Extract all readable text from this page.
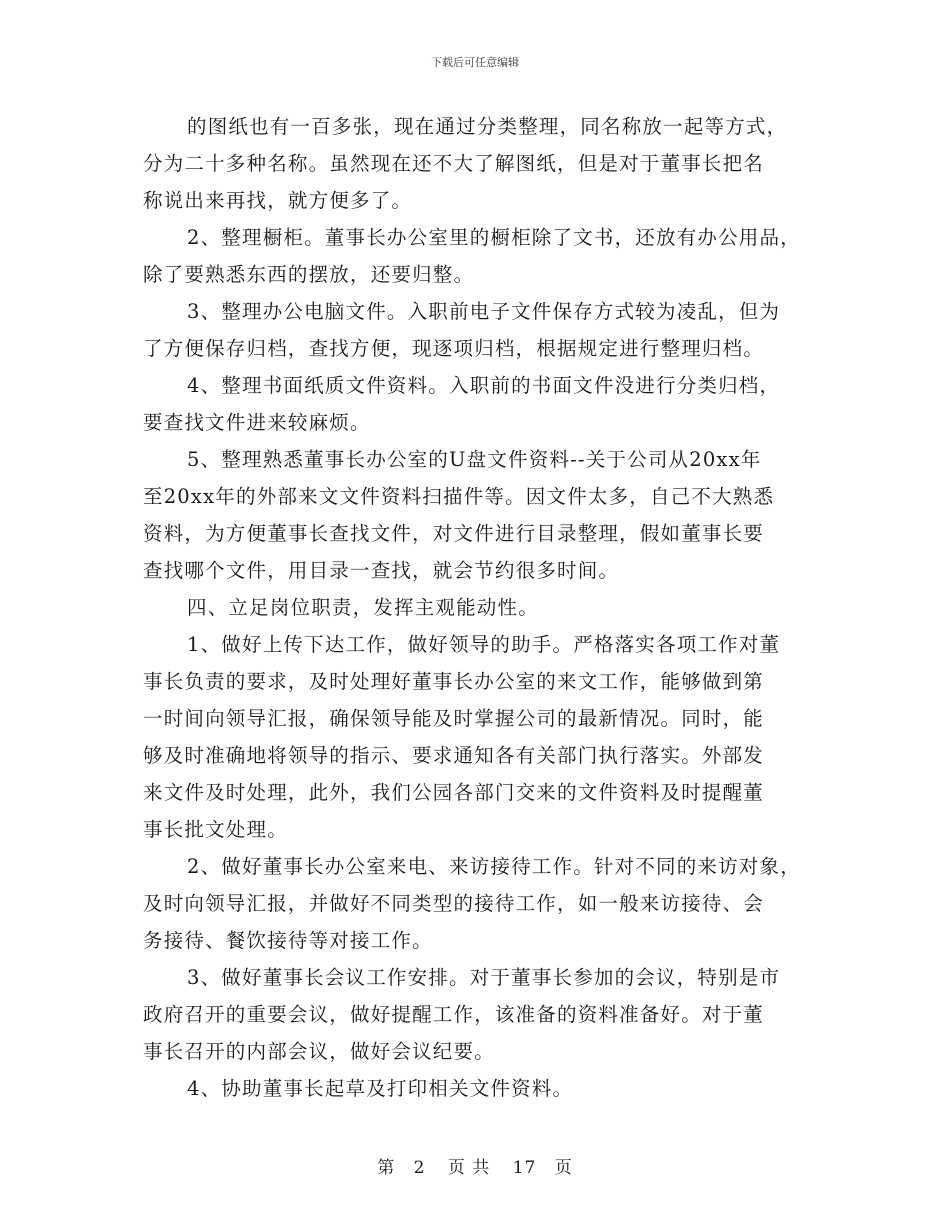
下载后可任意编辑
的图纸也有一百多张，现在通过分类整理，同名称放一起等方式，
分为二十多种名称。虽然现在还不大了解图纸，但是对于董事长把名
称说出来再找，就方便多了。
2、整理橱柜。董事长办公室里的橱柜除了文书，还放有办公用品，
除了要熟悉东西的摆放，还要归整。
3、整理办公电脑文件。入职前电子文件保存方式较为凌乱，但为
了方便保存归档，查找方便，现逐项归档，根据规定进行整理归档。
4、整理书面纸质文件资料。入职前的书面文件没进行分类归档，
要查找文件进来较麻烦。
5、整理熟悉董事长办公室的U盘文件资料--关于公司从20xx年
至20xx年的外部来文文件资料扫描件等。因文件太多，自己不大熟悉
资料，为方便董事长查找文件，对文件进行目录整理，假如董事长要
查找哪个文件，用目录一查找，就会节约很多时间。
四、立足岗位职责，发挥主观能动性。
1、做好上传下达工作，做好领导的助手。严格落实各项工作对董
事长负责的要求，及时处理好董事长办公室的来文工作，能够做到第
一时间向领导汇报，确保领导能及时掌握公司的最新情况。同时，能
够及时准确地将领导的指示、要求通知各有关部门执行落实。外部发
来文件及时处理，此外，我们公园各部门交来的文件资料及时提醒董
事长批文处理。
2、做好董事长办公室来电、来访接待工作。针对不同的来访对象，
及时向领导汇报，并做好不同类型的接待工作，如一般来访接待、会
务接待、餐饮接待等对接工作。
3、做好董事长会议工作安排。对于董事长参加的会议，特别是市
政府召开的重要会议，做好提醒工作，该准备的资料准备好。对于董
事长召开的内部会议，做好会议纪要。
4、协助董事长起草及打印相关文件资料。
第 2 页 共 17 页
